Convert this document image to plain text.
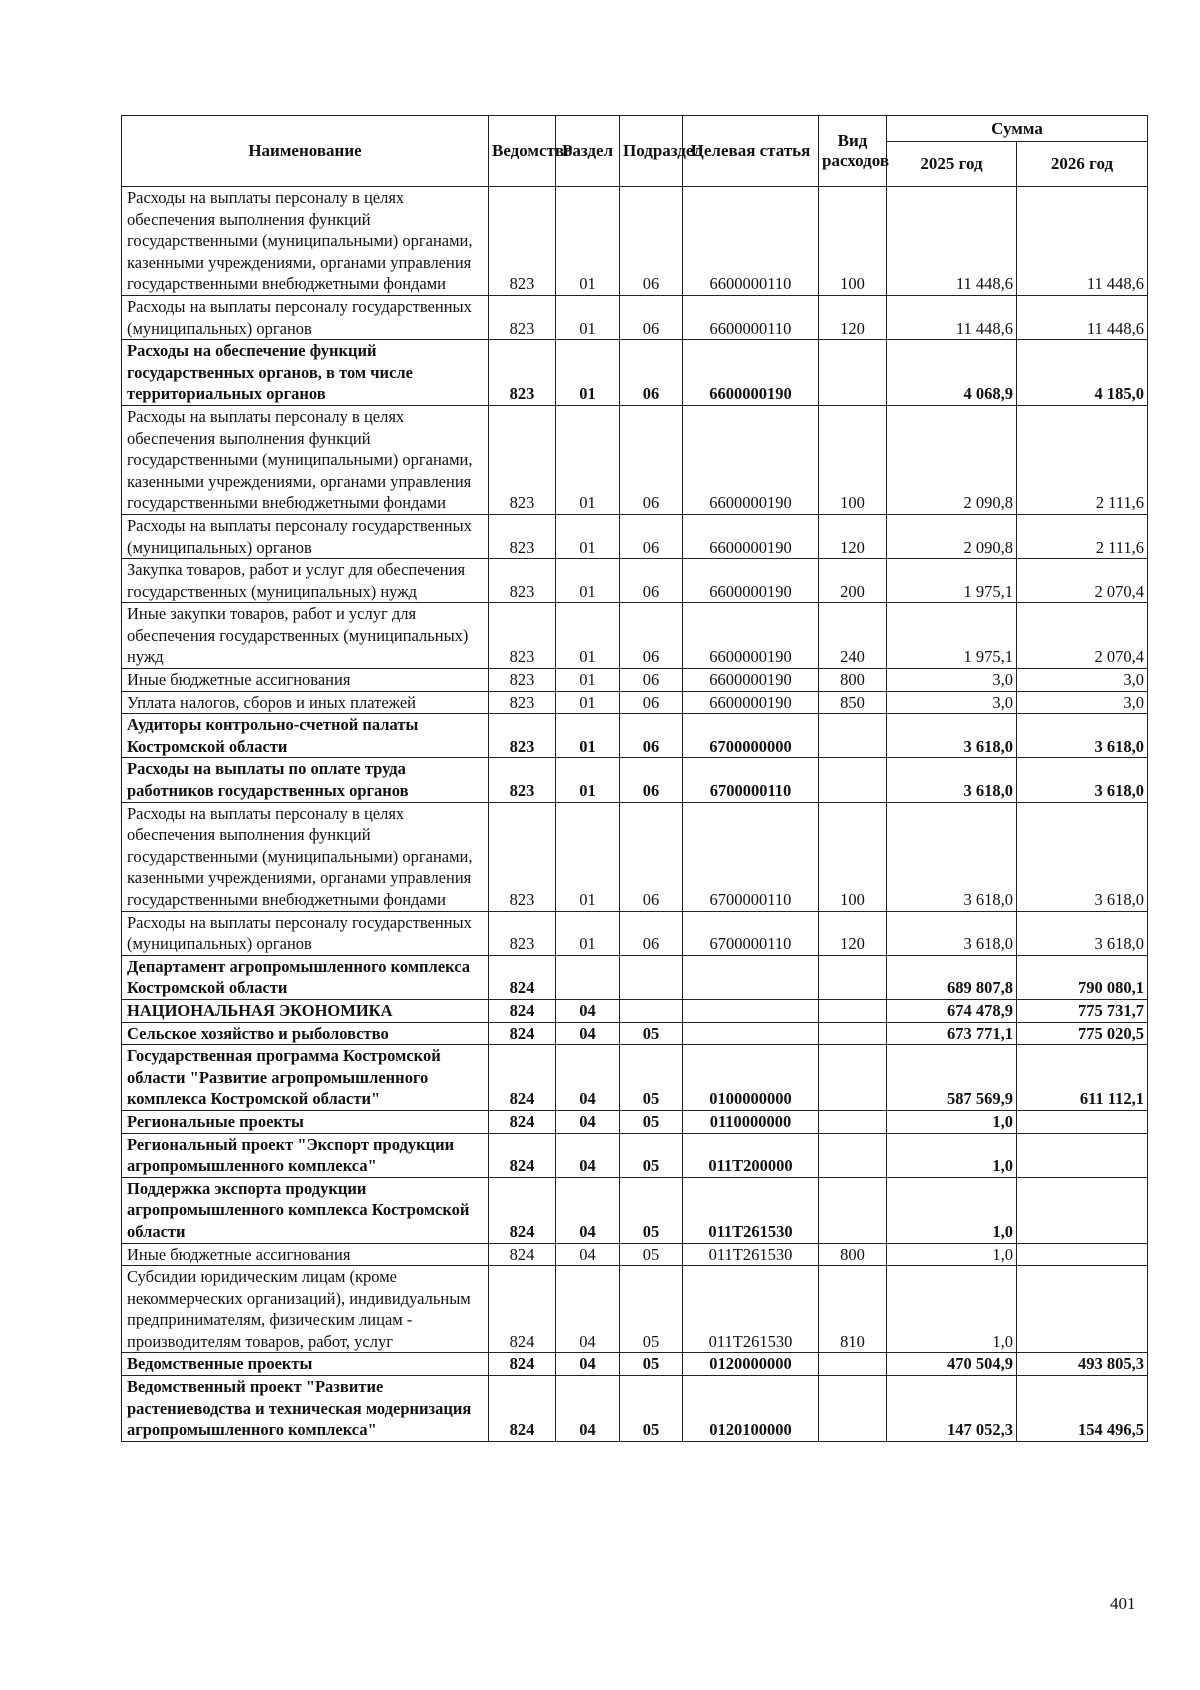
Наименование	Ведомство	Раздел	Подраздел	Целевая статья	Вид расходов	Сумма	
						2025 год	2026 год
Расходы на выплаты персоналу в целях обеспечения выполнения функций государственными (муниципальными) органами, казенными учреждениями, органами управления государственными внебюджетными фондами	823	01	06	6600000110	100	11 448,6	11 448,6
Расходы на выплаты персоналу государственных (муниципальных) органов	823	01	06	6600000110	120	11 448,6	11 448,6
Расходы на обеспечение функций государственных органов, в том числе территориальных органов	823	01	06	6600000190		4 068,9	4 185,0
Расходы на выплаты персоналу в целях обеспечения выполнения функций государственными (муниципальными) органами, казенными учреждениями, органами управления государственными внебюджетными фондами	823	01	06	6600000190	100	2 090,8	2 111,6
Расходы на выплаты персоналу государственных (муниципальных) органов	823	01	06	6600000190	120	2 090,8	2 111,6
Закупка товаров, работ и услуг для обеспечения государственных (муниципальных) нужд	823	01	06	6600000190	200	1 975,1	2 070,4
Иные закупки товаров, работ и услуг для обеспечения государственных (муниципальных) нужд	823	01	06	6600000190	240	1 975,1	2 070,4
Иные бюджетные ассигнования	823	01	06	6600000190	800	3,0	3,0
Уплата налогов, сборов и иных платежей	823	01	06	6600000190	850	3,0	3,0
Аудиторы контрольно-счетной палаты Костромской области	823	01	06	6700000000		3 618,0	3 618,0
Расходы на выплаты по оплате труда работников государственных органов	823	01	06	6700000110		3 618,0	3 618,0
Расходы на выплаты персоналу в целях обеспечения выполнения функций государственными (муниципальными) органами, казенными учреждениями, органами управления государственными внебюджетными фондами	823	01	06	6700000110	100	3 618,0	3 618,0
Расходы на выплаты персоналу государственных (муниципальных) органов	823	01	06	6700000110	120	3 618,0	3 618,0
Департамент агропромышленного комплекса Костромской области	824					689 807,8	790 080,1
НАЦИОНАЛЬНАЯ ЭКОНОМИКА	824	04				674 478,9	775 731,7
Сельское хозяйство и рыболовство	824	04	05			673 771,1	775 020,5
Государственная программа Костромской области "Развитие агропромышленного комплекса Костромской области"	824	04	05	0100000000		587 569,9	611 112,1
Региональные проекты	824	04	05	0110000000		1,0	
Региональный проект "Экспорт продукции агропромышленного комплекса"	824	04	05	011T200000		1,0	
Поддержка экспорта продукции агропромышленного комплекса Костромской области	824	04	05	011T261530		1,0	
Иные бюджетные ассигнования	824	04	05	011T261530	800	1,0	
Субсидии юридическим лицам (кроме некоммерческих организаций), индивидуальным предпринимателям, физическим лицам - производителям товаров, работ, услуг	824	04	05	011T261530	810	1,0	
Ведомственные проекты	824	04	05	0120000000		470 504,9	493 805,3
Ведомственный проект "Развитие растениеводства и техническая модернизация агропромышленного комплекса"	824	04	05	0120100000		147 052,3	154 496,5
401
